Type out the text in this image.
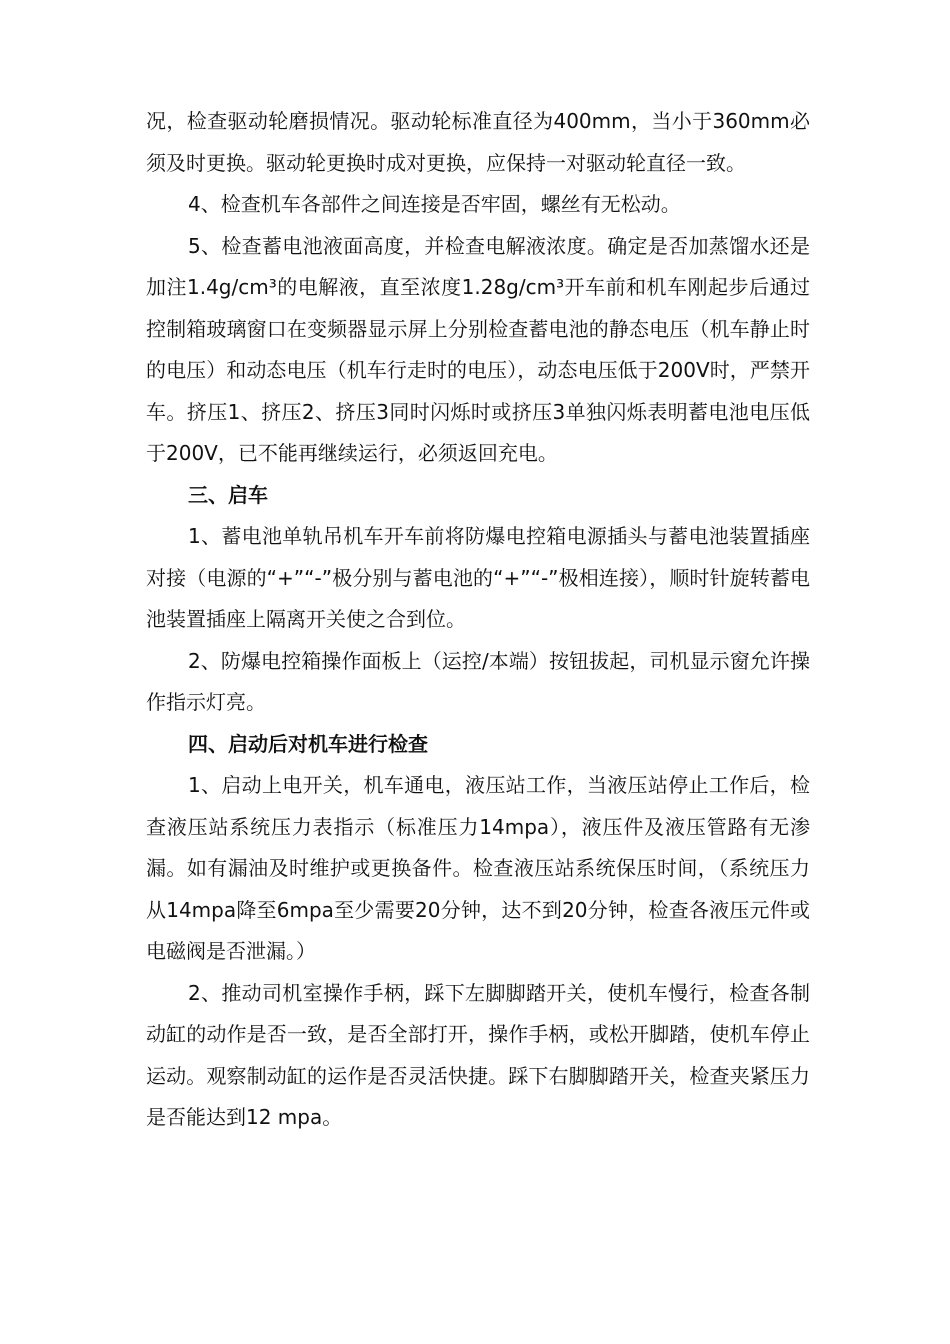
况，检查驱动轮磨损情况。驱动轮标准直径为400mm，当小于360mm必须及时更换。驱动轮更换时成对更换，应保持一对驱动轮直径一致。

4、检查机车各部件之间连接是否牢固，螺丝有无松动。

5、检查蓄电池液面高度，并检查电解液浓度。确定是否加蒸馏水还是加注1.4g/cm³的电解液，直至浓度1.28g/cm³开车前和机车刚起步后通过控制箱玻璃窗口在变频器显示屏上分别检查蓄电池的静态电压（机车静止时的电压）和动态电压（机车行走时的电压），动态电压低于200V时，严禁开车。挤压1、挤压2、挤压3同时闪烁时或挤压3单独闪烁表明蓄电池电压低于200V，已不能再继续运行，必须返回充电。

三、启车

1、蓄电池单轨吊机车开车前将防爆电控箱电源插头与蓄电池装置插座对接（电源的“+”“-”极分别与蓄电池的“+”“-”极相连接），顺时针旋转蓄电池装置插座上隔离开关使之合到位。

2、防爆电控箱操作面板上（运控/本端）按钮拔起，司机显示窗允许操作指示灯亮。

四、启动后对机车进行检查

1、启动上电开关，机车通电，液压站工作，当液压站停止工作后，检查液压站系统压力表指示（标准压力14mpa），液压件及液压管路有无渗漏。如有漏油及时维护或更换备件。检查液压站系统保压时间，（系统压力从14mpa降至6mpa至少需要20分钟，达不到20分钟，检查各液压元件或电磁阀是否泄漏。）

2、推动司机室操作手柄，踩下左脚脚踏开关，使机车慢行，检查各制动缸的动作是否一致，是否全部打开，操作手柄，或松开脚踏，使机车停止运动。观察制动缸的运作是否灵活快捷。踩下右脚脚踏开关，检查夹紧压力是否能达到12 mpa。
